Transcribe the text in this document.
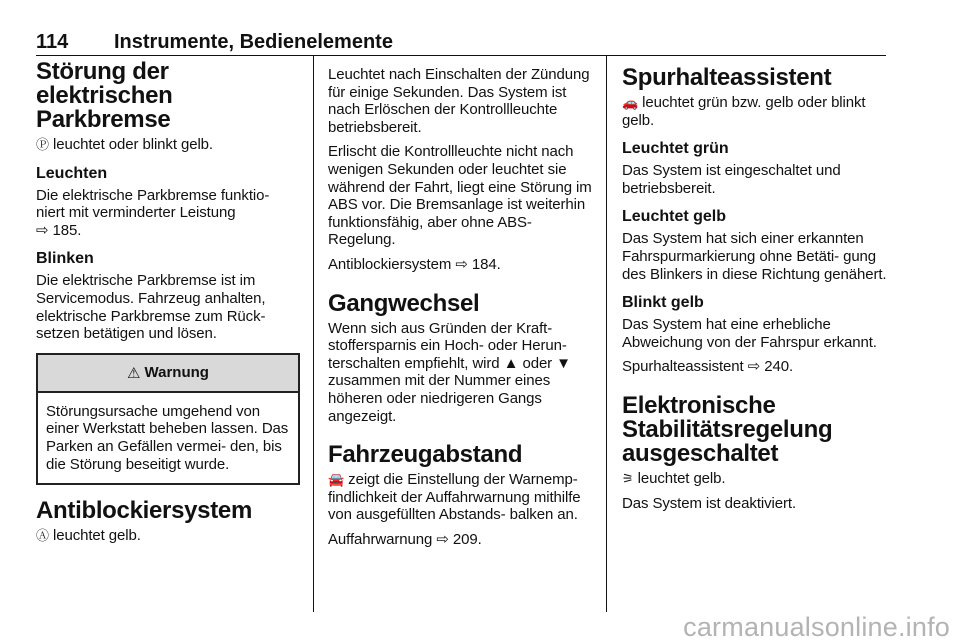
114 Instrumente, Bedienelemente
Störung der elektrischen Parkbremse

Ⓟ leuchtet oder blinkt gelb.

Leuchten

Die elektrische Parkbremse funktio‐ niert mit verminderter Leistung
⇨ 185.

Blinken

Die elektrische Parkbremse ist im Servicemodus. Fahrzeug anhalten, elektrische Parkbremse zum Rück‐ setzen betätigen und lösen.

⚠ Warnung

Störungsursache umgehend von einer Werkstatt beheben lassen. Das Parken an Gefällen vermei‐ den, bis die Störung beseitigt wurde.

Antiblockiersystem

Ⓐ leuchtet gelb.

Leuchtet nach Einschalten der Zündung für einige Sekunden. Das System ist nach Erlöschen der Kontrollleuchte betriebsbereit.

Erlischt die Kontrollleuchte nicht nach wenigen Sekunden oder leuchtet sie während der Fahrt, liegt eine Störung im ABS vor. Die Bremsanlage ist weiterhin funktionsfähig, aber ohne ABS-Regelung.

Antiblockiersystem ⇨ 184.

Gangwechsel

Wenn sich aus Gründen der Kraft‐ stoffersparnis ein Hoch- oder Herun‐ terschalten empfiehlt, wird ▲ oder ▼ zusammen mit der Nummer eines höheren oder niedrigeren Gangs angezeigt.

Fahrzeugabstand

🚘 zeigt die Einstellung der Warnemp‐ findlichkeit der Auffahrwarnung mithilfe von ausgefüllten Abstands‐ balken an.

Auffahrwarnung ⇨ 209.

Spurhalteassistent

🚗 leuchtet grün bzw. gelb oder blinkt gelb.

Leuchtet grün

Das System ist eingeschaltet und betriebsbereit.

Leuchtet gelb

Das System hat sich einer erkannten Fahrspurmarkierung ohne Betäti‐ gung des Blinkers in diese Richtung genähert.

Blinkt gelb

Das System hat eine erhebliche Abweichung von der Fahrspur erkannt.

Spurhalteassistent ⇨ 240.

Elektronische Stabilitätsregelung ausgeschaltet

⚞ leuchtet gelb.

Das System ist deaktiviert.

carmanualsonline.info
